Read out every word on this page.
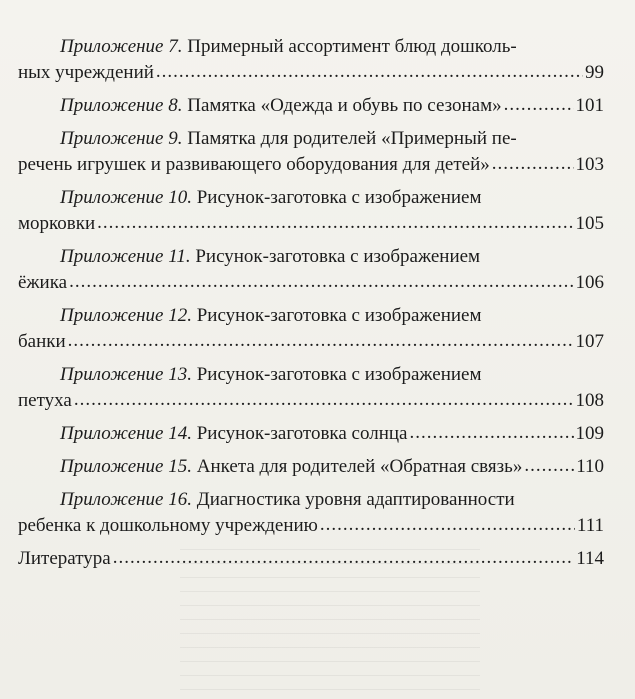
Приложение 7. Примерный ассортимент блюд дошколь-
ных учреждений .....	99
Приложение 8. Памятка «Одежда и обувь по сезонам» .....	101
Приложение 9. Памятка для родителей «Примерный пе-
речень игрушек и развивающего оборудования для детей» .....	103
Приложение 10. Рисунок-заготовка с изображением
морковки .....	105
Приложение 11. Рисунок-заготовка с изображением
ёжика .....	106
Приложение 12. Рисунок-заготовка с изображением
банки .....	107
Приложение 13. Рисунок-заготовка с изображением
петуха .....	108
Приложение 14. Рисунок-заготовка солнца .....	109
Приложение 15. Анкета для родителей «Обратная связь» .....	110
Приложение 16. Диагностика уровня адаптированности
ребенка к дошкольному учреждению .....	111
Литература .....	114
